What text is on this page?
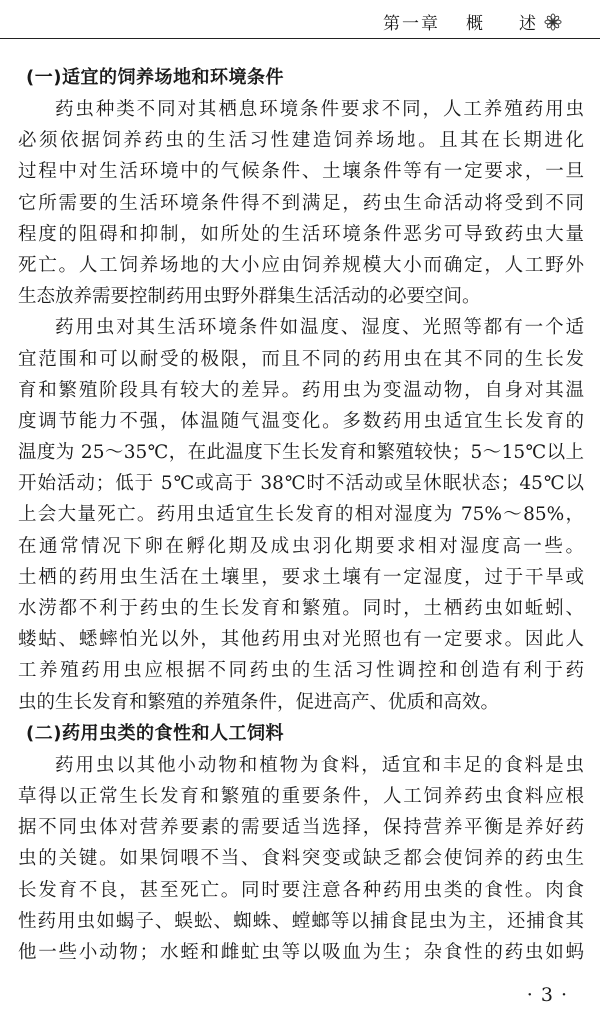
第一章 概 述
(一)适宜的饲养场地和环境条件
药虫种类不同对其栖息环境条件要求不同，人工养殖药用虫
必须依据饲养药虫的生活习性建造饲养场地。且其在长期进化
过程中对生活环境中的气候条件、土壤条件等有一定要求，一旦
它所需要的生活环境条件得不到满足，药虫生命活动将受到不同
程度的阻碍和抑制，如所处的生活环境条件恶劣可导致药虫大量
死亡。人工饲养场地的大小应由饲养规模大小而确定，人工野外
生态放养需要控制药用虫野外群集生活活动的必要空间。
药用虫对其生活环境条件如温度、湿度、光照等都有一个适
宜范围和可以耐受的极限，而且不同的药用虫在其不同的生长发
育和繁殖阶段具有较大的差异。药用虫为变温动物，自身对其温
度调节能力不强，体温随气温变化。多数药用虫适宜生长发育的
温度为 25～35℃，在此温度下生长发育和繁殖较快；5～15℃以上
开始活动；低于 5℃或高于 38℃时不活动或呈休眠状态；45℃以
上会大量死亡。药用虫适宜生长发育的相对湿度为 75%～85%，
在通常情况下卵在孵化期及成虫羽化期要求相对湿度高一些。
土栖的药用虫生活在土壤里，要求土壤有一定湿度，过于干旱或
水涝都不利于药虫的生长发育和繁殖。同时，土栖药虫如蚯蚓、
蝼蛄、蟋蟀怕光以外，其他药用虫对光照也有一定要求。因此人
工养殖药用虫应根据不同药虫的生活习性调控和创造有利于药
虫的生长发育和繁殖的养殖条件，促进高产、优质和高效。
(二)药用虫类的食性和人工饲料
药用虫以其他小动物和植物为食料，适宜和丰足的食料是虫
草得以正常生长发育和繁殖的重要条件，人工饲养药虫食料应根
据不同虫体对营养要素的需要适当选择，保持营养平衡是养好药
虫的关键。如果饲喂不当、食料突变或缺乏都会使饲养的药虫生
长发育不良，甚至死亡。同时要注意各种药用虫类的食性。肉食
性药用虫如蝎子、蜈蚣、蜘蛛、螳螂等以捕食昆虫为主，还捕食其
他一些小动物；水蛭和雌虻虫等以吸血为生；杂食性的药虫如蚂
· 3 ·
